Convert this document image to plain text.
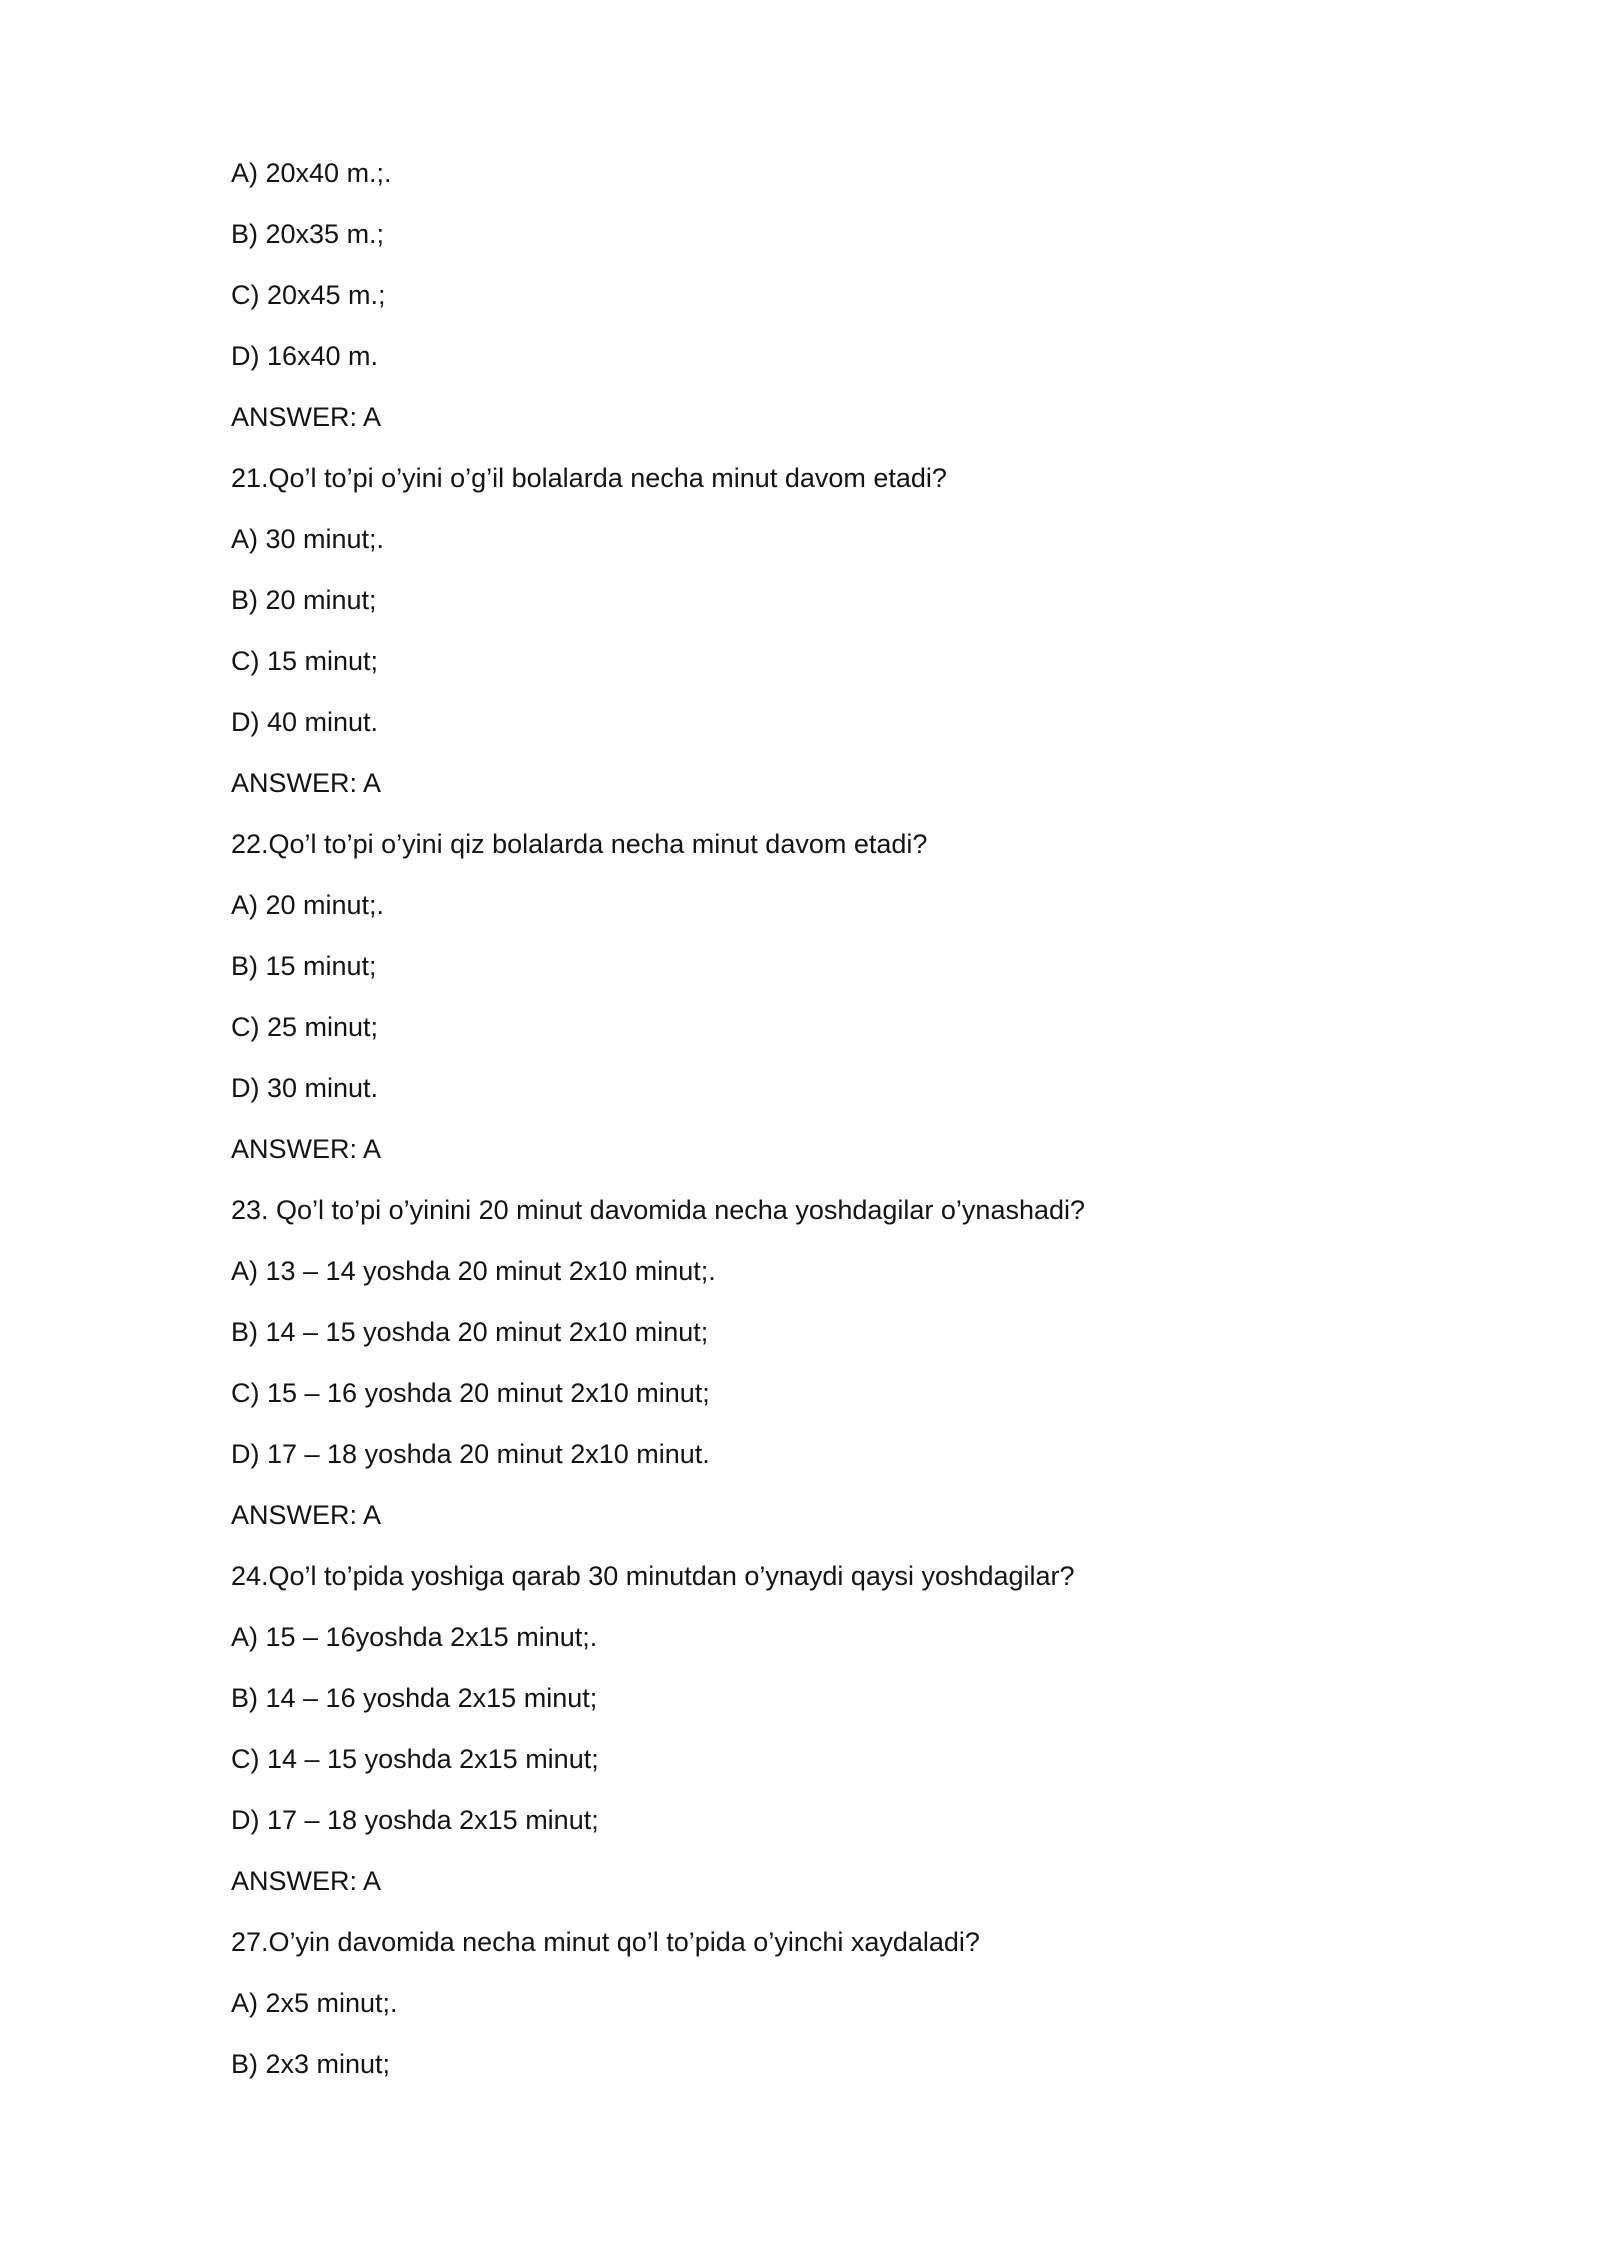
A) 20x40 m.;.
B) 20x35 m.;
C) 20x45 m.;
D) 16x40 m.
ANSWER: A
21.Qo’l to’pi o’yini o’g’il bolalarda necha minut davom etadi?
A) 30 minut;.
B) 20 minut;
C) 15 minut;
D) 40 minut.
ANSWER: A
22.Qo’l to’pi o’yini qiz bolalarda necha minut davom etadi?
A) 20 minut;.
B) 15 minut;
C) 25 minut;
D) 30 minut.
ANSWER: A
23. Qo’l to’pi o’yinini 20 minut davomida necha yoshdagilar o’ynashadi?
A) 13 – 14 yoshda 20 minut 2x10 minut;.
B) 14 – 15 yoshda 20 minut 2x10 minut;
C) 15 – 16 yoshda 20 minut 2x10 minut;
D) 17 – 18 yoshda 20 minut 2x10 minut.
ANSWER: A
24.Qo’l to’pida yoshiga qarab 30 minutdan o’ynaydi qaysi yoshdagilar?
A) 15 – 16yoshda 2x15 minut;.
B) 14 – 16 yoshda 2x15 minut;
C) 14 – 15 yoshda 2x15 minut;
D) 17 – 18 yoshda 2x15 minut;
ANSWER: A
27.O’yin davomida necha minut qo’l to’pida o’yinchi xaydaladi?
A) 2x5 minut;.
B) 2x3 minut;
